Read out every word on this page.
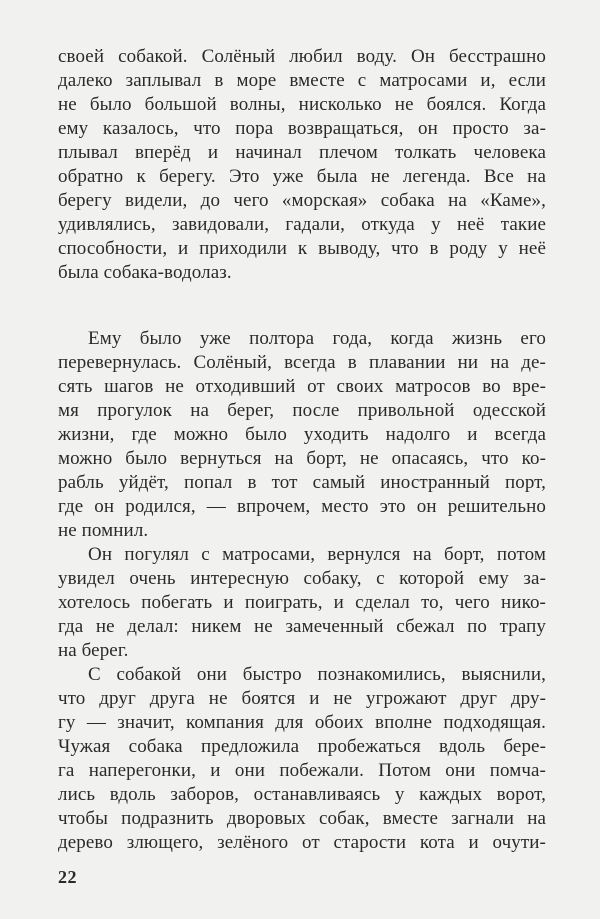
своей собакой. Солёный любил воду. Он бесстрашно
далеко заплывал в море вместе с матросами и, если
не было большой волны, нисколько не боялся. Когда
ему казалось, что пора возвращаться, он просто за-
плывал вперёд и начинал плечом толкать человека
обратно к берегу. Это уже была не легенда. Все на
берегу видели, до чего «морская» собака на «Каме»,
удивлялись, завидовали, гадали, откуда у неё такие
способности, и приходили к выводу, что в роду у неё
была собака-водолаз.
Ему было уже полтора года, когда жизнь его
перевернулась. Солёный, всегда в плавании ни на де-
сять шагов не отходивший от своих матросов во вре-
мя прогулок на берег, после привольной одесской
жизни, где можно было уходить надолго и всегда
можно было вернуться на борт, не опасаясь, что ко-
рабль уйдёт, попал в тот самый иностранный порт,
где он родился, — впрочем, место это он решительно
не помнил.
Он погулял с матросами, вернулся на борт, потом
увидел очень интересную собаку, с которой ему за-
хотелось побегать и поиграть, и сделал то, чего нико-
гда не делал: никем не замеченный сбежал по трапу
на берег.
С собакой они быстро познакомились, выяснили,
что друг друга не боятся и не угрожают друг дру-
гу — значит, компания для обоих вполне подходящая.
Чужая собака предложила пробежаться вдоль бере-
га наперегонки, и они побежали. Потом они помча-
лись вдоль заборов, останавливаясь у каждых ворот,
чтобы подразнить дворовых собак, вместе загнали на
дерево злющего, зелёного от старости кота и очути-
22
